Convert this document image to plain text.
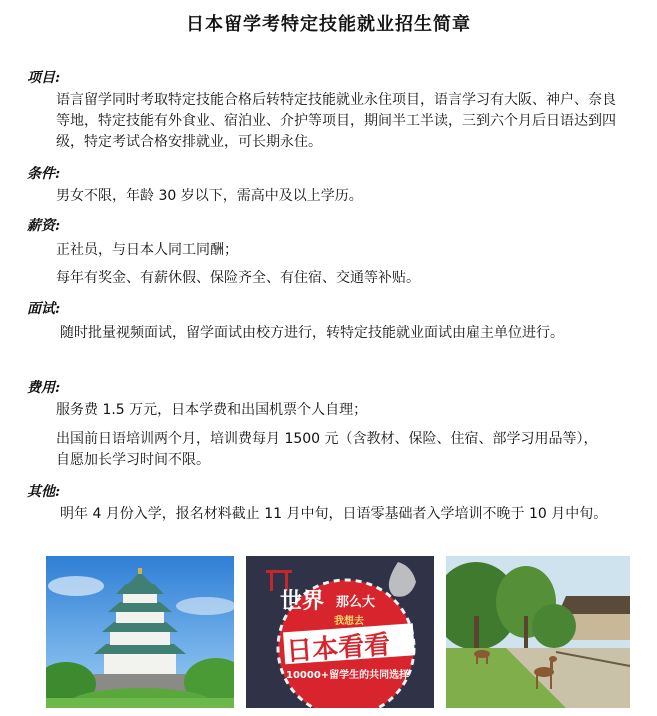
日本留学考特定技能就业招生简章
项目:
语言留学同时考取特定技能合格后转特定技能就业永住项目，语言学习有大阪、神户、奈良等地，特定技能有外食业、宿泊业、介护等项目，期间半工半读，三到六个月后日语达到四级，特定考试合格安排就业，可长期永住。
条件:
男女不限，年龄 30 岁以下，需高中及以上学历。
薪资:
正社员，与日本人同工同酬；
每年有奖金、有薪休假、保险齐全、有住宿、交通等补贴。
面试:
随时批量视频面试，留学面试由校方进行，转特定技能就业面试由雇主单位进行。
费用:
服务费 1.5 万元，日本学费和出国机票个人自理；
出国前日语培训两个月，培训费每月 1500 元（含教材、保险、住宿、部学习用品等），自愿加长学习时间不限。
其他:
明年 4 月份入学，报名材料截止 11 月中旬，日语零基础者入学培训不晚于 10 月中旬。
世界 那么大
我想去
日本看看
10000+留学生的共同选择
